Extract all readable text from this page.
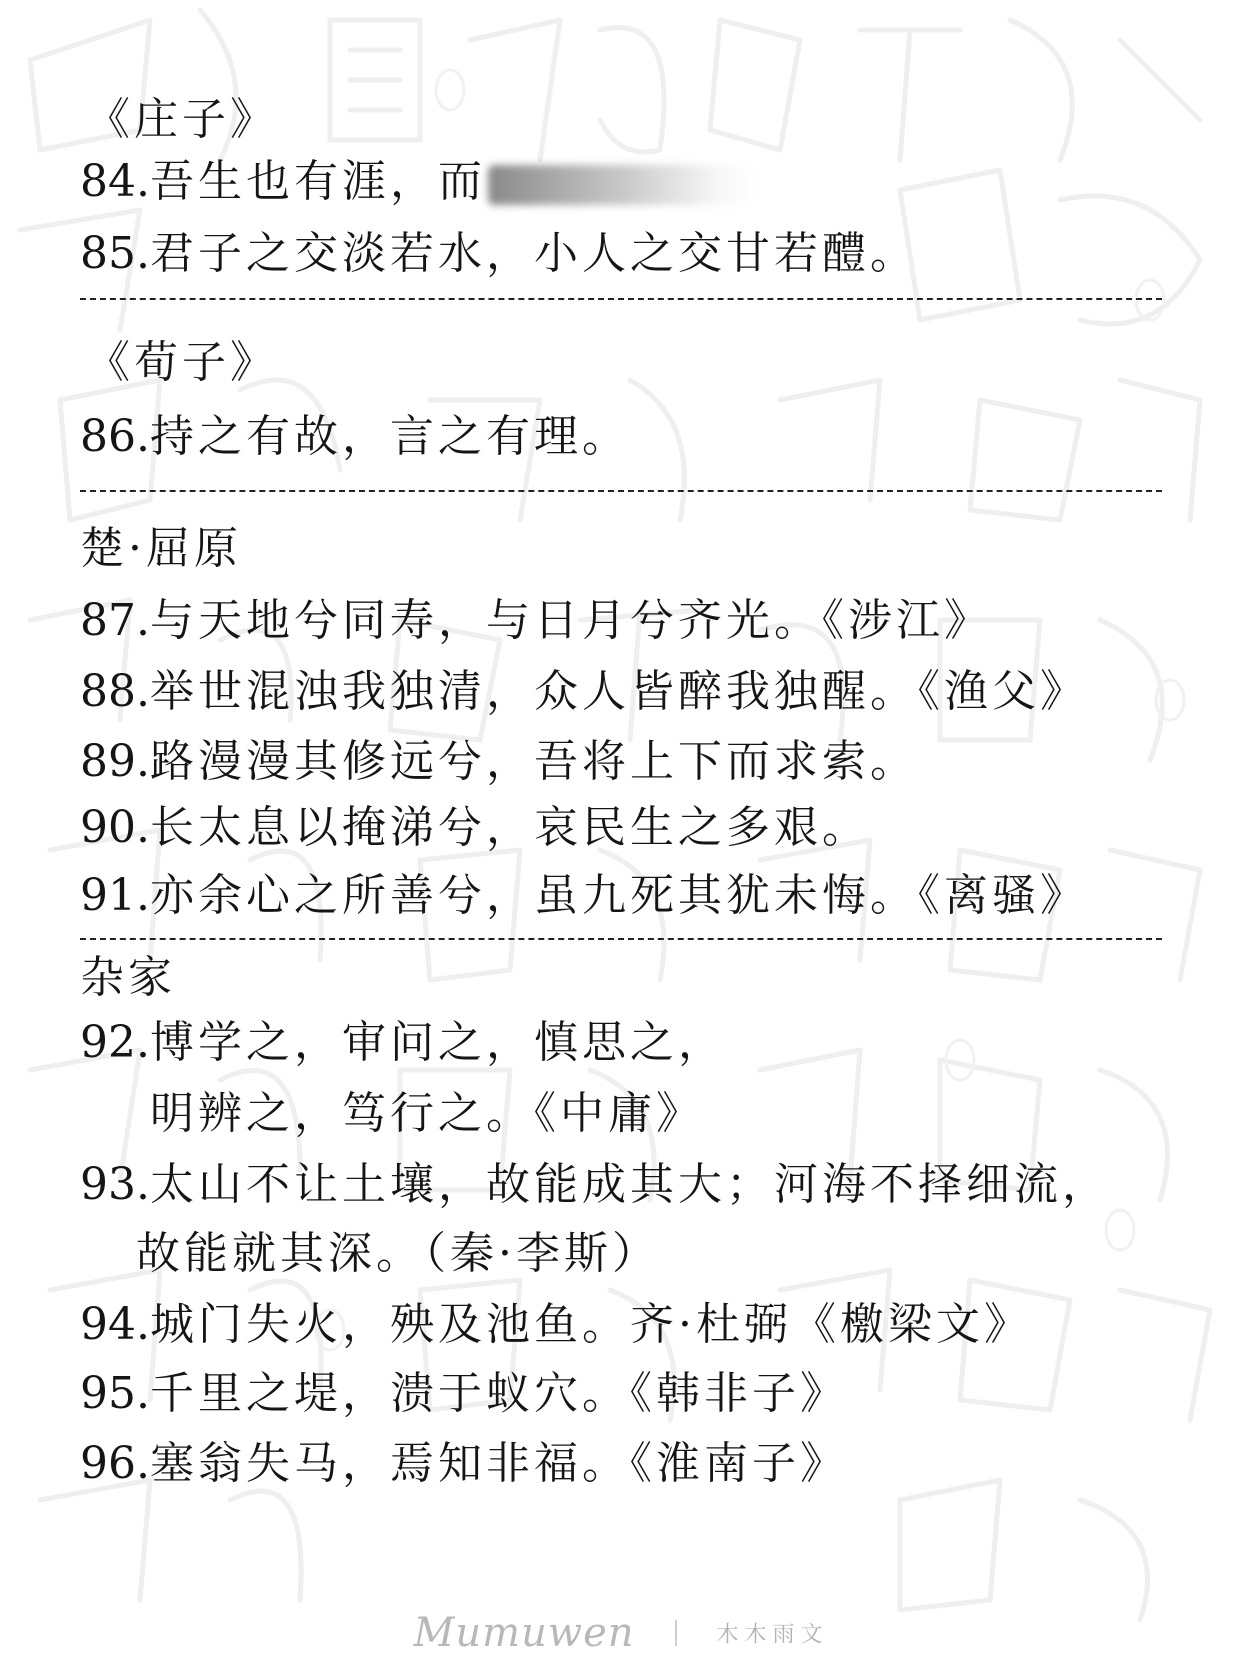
《庄子》
84.吾生也有涯，而
85.君子之交淡若水，小人之交甘若醴。
《荀子》
86.持之有故，言之有理。
楚·屈原
87.与天地兮同寿，与日月兮齐光。《涉江》
88.举世混浊我独清，众人皆醉我独醒。《渔父》
89.路漫漫其修远兮，吾将上下而求索。
90.长太息以掩涕兮，哀民生之多艰。
91.亦余心之所善兮，虽九死其犹未悔。《离骚》
杂家
92.博学之，审问之，慎思之，
明辨之，笃行之。《中庸》
93.太山不让土壤，故能成其大；河海不择细流，
故能就其深。（秦·李斯）
94.城门失火，殃及池鱼。齐·杜弼《檄梁文》
95.千里之堤，溃于蚁穴。《韩非子》
96.塞翁失马，焉知非福。《淮南子》
Mumuwen	木木雨文
